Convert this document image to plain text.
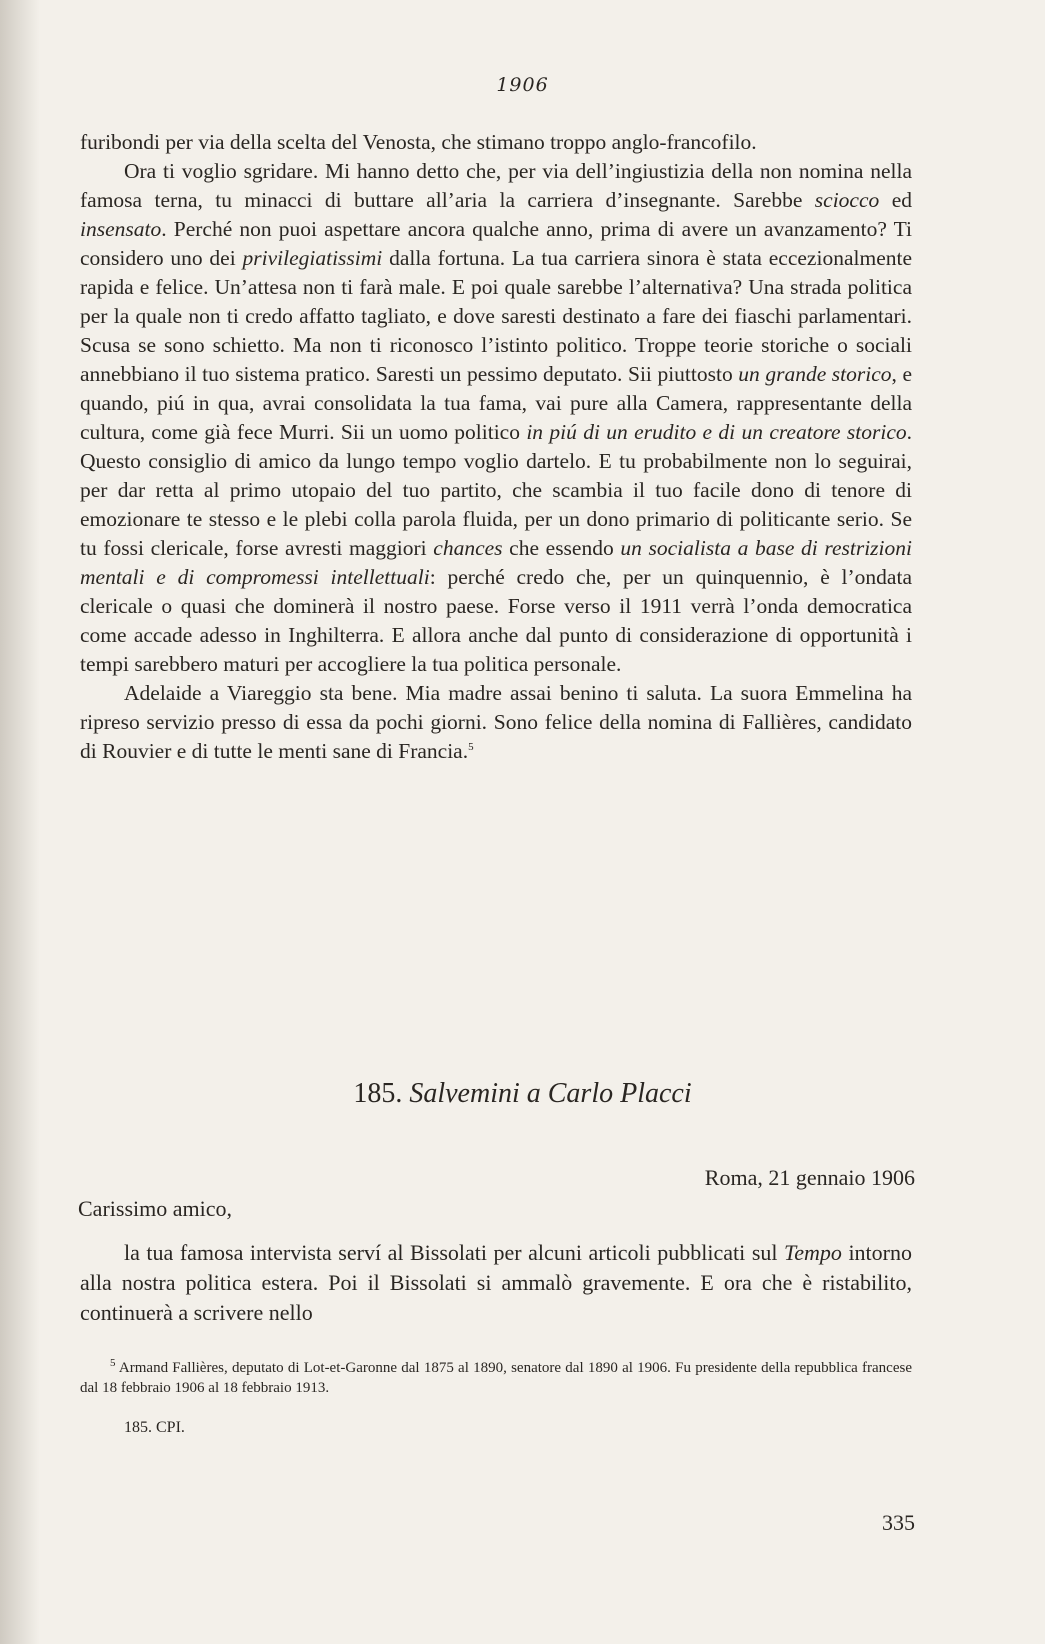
1906

furibondi per via della scelta del Venosta, che stimano troppo anglo-francofilo.

Ora ti voglio sgridare. Mi hanno detto che, per via dell’ingiustizia della non nomina nella famosa terna, tu minacci di buttare all’aria la carriera d’insegnante. Sarebbe sciocco ed insensato. Perché non puoi aspettare ancora qualche anno, prima di avere un avanzamento? Ti considero uno dei privilegiatissimi dalla fortuna. La tua carriera sinora è stata eccezionalmente rapida e felice. Un’attesa non ti farà male. E poi quale sarebbe l’alternativa? Una strada politica per la quale non ti credo affatto tagliato, e dove saresti destinato a fare dei fiaschi parlamentari. Scusa se sono schietto. Ma non ti riconosco l’istinto politico. Troppe teorie storiche o sociali annebbiano il tuo sistema pratico. Saresti un pessimo deputato. Sii piuttosto un grande storico, e quando, piú in qua, avrai consolidata la tua fama, vai pure alla Camera, rappresentante della cultura, come già fece Murri. Sii un uomo politico in piú di un erudito e di un creatore storico. Questo consiglio di amico da lungo tempo voglio dartelo. E tu probabilmente non lo seguirai, per dar retta al primo utopaio del tuo partito, che scambia il tuo facile dono di tenore di emozionare te stesso e le plebi colla parola fluida, per un dono primario di politicante serio. Se tu fossi clericale, forse avresti maggiori chances che essendo un socialista a base di restrizioni mentali e di compromessi intellettuali: perché credo che, per un quinquennio, è l’ondata clericale o quasi che dominerà il nostro paese. Forse verso il 1911 verrà l’onda democratica come accade adesso in Inghilterra. E allora anche dal punto di considerazione di opportunità i tempi sarebbero maturi per accogliere la tua politica personale.

Adelaide a Viareggio sta bene. Mia madre assai benino ti saluta. La suora Emmelina ha ripreso servizio presso di essa da pochi giorni. Sono felice della nomina di Fallières, candidato di Rouvier e di tutte le menti sane di Francia.$^5$

185. Salvemini a Carlo Placci
Roma, 21 gennaio 1906
Carissimo amico,

la tua famosa intervista serví al Bissolati per alcuni articoli pubblicati sul Tempo intorno alla nostra politica estera. Poi il Bissolati si ammalò gravemente. E ora che è ristabilito, continuerà a scrivere nello

$^5$ Armand Fallières, deputato di Lot-et-Garonne dal 1875 al 1890, senatore dal 1890 al 1906. Fu presidente della repubblica francese dal 18 febbraio 1906 al 18 febbraio 1913.

185. CPI.

335
